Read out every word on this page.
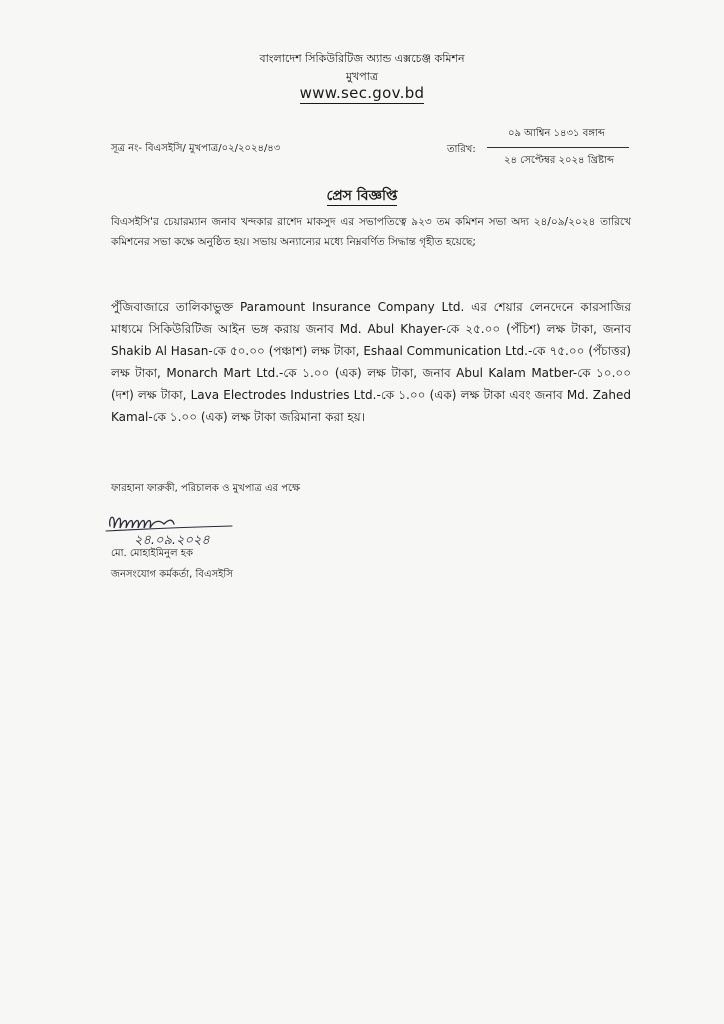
বাংলাদেশ সিকিউরিটিজ অ্যান্ড এক্সচেঞ্জ কমিশন
মুখপাত্র
www.sec.gov.bd
সূত্র নং- বিএসইসি/ মুখপাত্র/০২/২০২৪/৪৩	তারিখ:
০৯ আশ্বিন ১৪৩১ বঙ্গাব্দ
২৪ সেপ্টেম্বর ২০২৪ খ্রিষ্টাব্দ
প্রেস বিজ্ঞপ্তি
বিএসইসি'র চেয়ারম্যান জনাব খন্দকার রাশেদ মাকসুদ এর সভাপতিত্বে ৯২৩ তম কমিশন সভা অদ্য ২৪/০৯/২০২৪ তারিখে কমিশনের সভা কক্ষে অনুষ্ঠিত হয়। সভায় অন্যান্যের মধ্যে নিম্নবর্ণিত সিদ্ধান্ত গৃহীত হয়েছে;
পুঁজিবাজারে তালিকাভুক্ত Paramount Insurance Company Ltd. এর শেয়ার লেনদেনে কারসাজির মাধ্যমে সিকিউরিটিজ আইন ভঙ্গ করায় জনাব Md. Abul Khayer-কে ২৫.০০ (পঁচিশ) লক্ষ টাকা, জনাব Shakib Al Hasan-কে ৫০.০০ (পঞ্চাশ) লক্ষ টাকা, Eshaal Communication Ltd.-কে ৭৫.০০ (পঁচাত্তর) লক্ষ টাকা, Monarch Mart Ltd.-কে ১.০০ (এক) লক্ষ টাকা, জনাব Abul Kalam Matber-কে ১০.০০ (দশ) লক্ষ টাকা, Lava Electrodes Industries Ltd.-কে ১.০০ (এক) লক্ষ টাকা এবং জনাব Md. Zahed Kamal-কে ১.০০ (এক) লক্ষ টাকা জরিমানা করা হয়।
ফারহানা ফারুকী, পরিচালক ও মুখপাত্র এর পক্ষে
২৪.০৯.২০২৪
মো. মোহাইমিনুল হক
জনসংযোগ কর্মকর্তা, বিএসইসি
